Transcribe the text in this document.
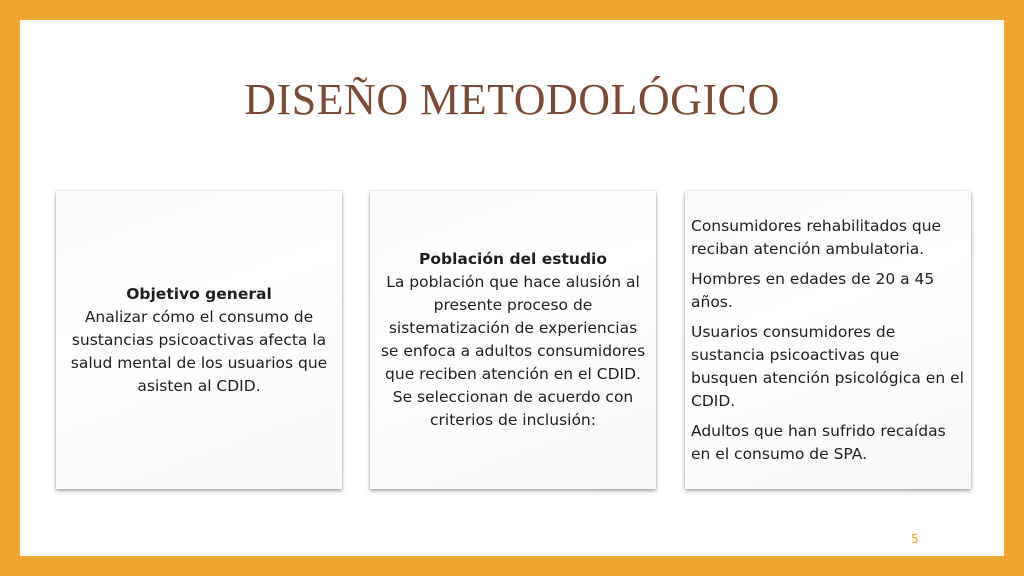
DISEÑO METODOLÓGICO

Objetivo general

Analizar cómo el consumo de sustancias psicoactivas afecta la salud mental de los usuarios que asisten al CDID.

Población del estudio

La población que hace alusión al presente proceso de sistematización de experiencias se enfoca a adultos consumidores que reciben atención en el CDID. Se seleccionan de acuerdo con criterios de inclusión:

Consumidores rehabilitados que reciban atención ambulatoria.

Hombres en edades de 20 a 45 años.

Usuarios consumidores de sustancia psicoactivas que busquen atención psicológica en el CDID.

Adultos que han sufrido recaídas en el consumo de SPA.

5
